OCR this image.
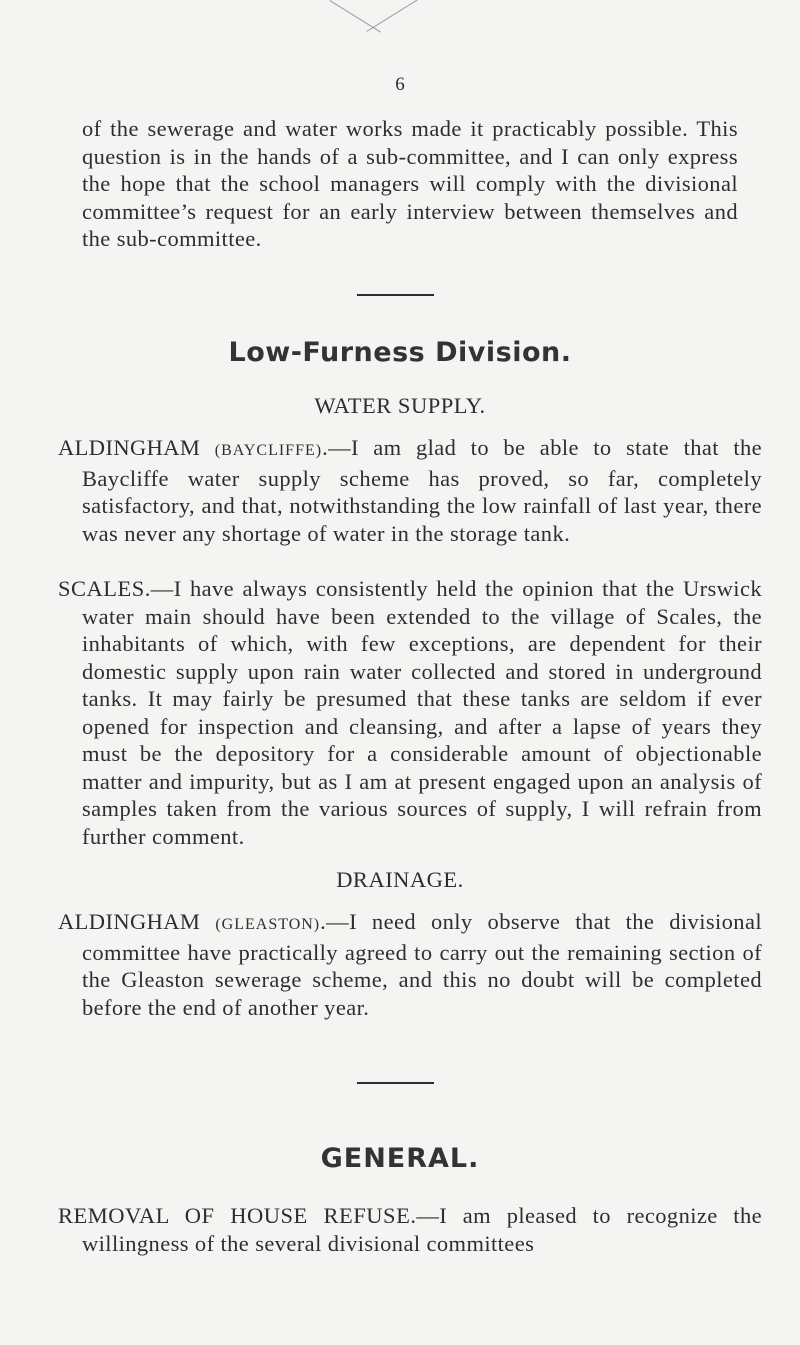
6

of the sewerage and water works made it practicably possible. This question is in the hands of a sub-committee, and I can only express the hope that the school managers will comply with the divisional committee’s request for an early interview between themselves and the sub-committee.

Low-Furness Division.
WATER SUPPLY.

ALDINGHAM (BAYCLIFFE).—I am glad to be able to state that the Baycliffe water supply scheme has proved, so far, completely satisfactory, and that, notwithstanding the low rainfall of last year, there was never any shortage of water in the storage tank.

SCALES.—I have always consistently held the opinion that the Urswick water main should have been extended to the village of Scales, the inhabitants of which, with few exceptions, are dependent for their domestic supply upon rain water collected and stored in underground tanks. It may fairly be presumed that these tanks are seldom if ever opened for inspection and cleansing, and after a lapse of years they must be the depository for a considerable amount of objectionable matter and impurity, but as I am at present engaged upon an analysis of samples taken from the various sources of supply, I will refrain from further comment.

DRAINAGE.

ALDINGHAM (GLEASTON).—I need only observe that the divisional committee have practically agreed to carry out the remaining section of the Gleaston sewerage scheme, and this no doubt will be completed before the end of another year.

GENERAL.

REMOVAL OF HOUSE REFUSE.—I am pleased to recognize the willingness of the several divisional committees
